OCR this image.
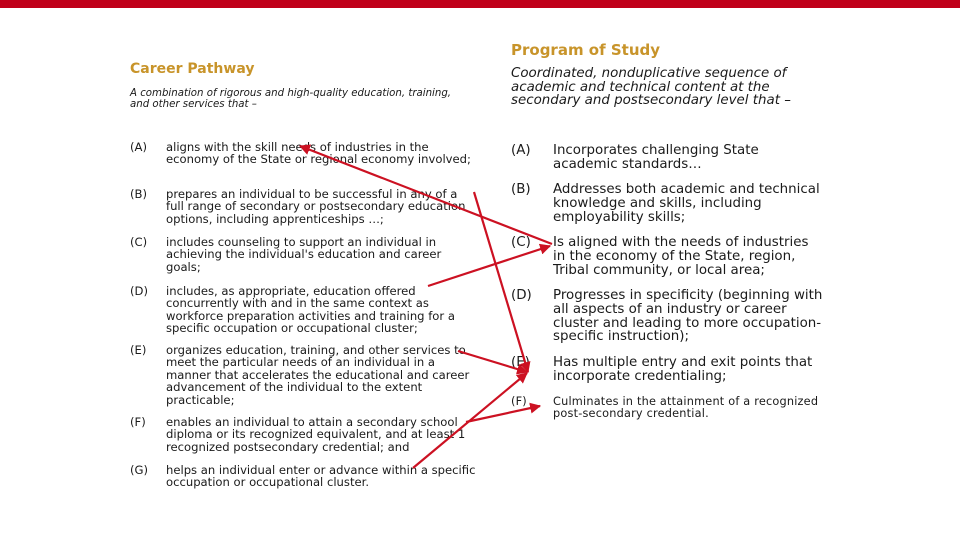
Career Pathway
A combination of rigorous and high-quality education, training, and other services that –
(A) aligns with the skill needs of industries in the economy of the State or regional economy involved;
(B) prepares an individual to be successful in any of a full range of secondary or postsecondary education options, including apprenticeships …;
(C) includes counseling to support an individual in achieving the individual's education and career goals;
(D) includes, as appropriate, education offered concurrently with and in the same context as workforce preparation activities and training for a specific occupation or occupational cluster;
(E) organizes education, training, and other services to meet the particular needs of an individual in a manner that accelerates the educational and career advancement of the individual to the extent practicable;
(F) enables an individual to attain a secondary school diploma or its recognized equivalent, and at least 1 recognized postsecondary credential; and
(G) helps an individual enter or advance within a specific occupation or occupational cluster.
Program of Study
Coordinated, nonduplicative sequence of academic and technical content at the secondary and postsecondary level that –
(A) Incorporates challenging State academic standards…
(B) Addresses both academic and technical knowledge and skills, including employability skills;
(C) Is aligned with the needs of industries in the economy of the State, region, Tribal community, or local area;
(D) Progresses in specificity (beginning with all aspects of an industry or career cluster and leading to more occupation-specific instruction);
(E) Has multiple entry and exit points that incorporate credentialing;
(F) Culminates in the attainment of a recognized post-secondary credential.
